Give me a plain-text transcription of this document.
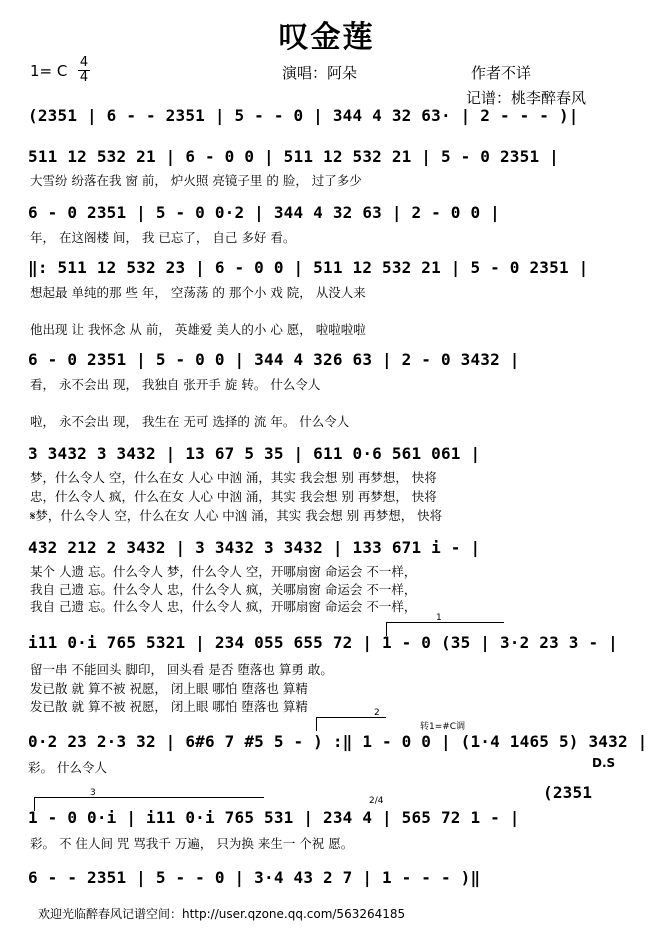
叹金莲
1= C 4
4	演唱：阿朵	作者不详
记谱：桃李醉春风
(2351 | 6 - - 2351 | 5 - - 0 | 344 4 32 63· | 2 - - - )|
511 12 532 21 | 6 - 0 0 | 511 12 532 21 | 5 - 0 2351 |
大雪纷 纷落在我 窗 前， 炉火照 亮镜子里 的 脸， 过了多少
6 - 0 2351 | 5 - 0 0·2 | 344 4 32 63 | 2 - 0 0 |
年， 在这阁楼 间， 我 已忘了， 自己 多好 看。
‖: 511 12 532 23 | 6 - 0 0 | 511 12 532 21 | 5 - 0 2351 |
想起最 单纯的那 些 年， 空荡荡 的 那个小 戏 院， 从没人来
他出现 让 我怀念 从 前， 英雄爱 美人的小 心 愿， 啦啦啦啦
6 - 0 2351 | 5 - 0 0 | 344 4 326 63 | 2 - 0 3432 |
看， 永不会出 现， 我独自 张开手 旋 转。 什么令人
啦， 永不会出 现， 我生在 无可 选择的 流 年。 什么令人
3 3432 3 3432 | 13 67 5 35 | 611 0·6 561 061 |
梦，什么令人 空，什么在女 人心 中汹 涌，其实 我会想 别 再梦想， 快将
忠，什么令人 疯，什么在女 人心 中汹 涌，其实 我会想 别 再梦想， 快将
𝄋梦，什么令人 空，什么在女 人心 中汹 涌，其实 我会想 别 再梦想， 快将
432 212 2 3432 | 3 3432 3 3432 | 133 671 i - |
某个 人遗 忘。什么令人 梦，什么令人 空，开哪扇窗 命运会 不一样，
我自 己遗 忘。什么令人 忠，什么令人 疯，关哪扇窗 命运会 不一样，
我自 己遗 忘。什么令人 忠，什么令人 疯，开哪扇窗 命运会 不一样，
1
i11 0·i 765 5321 | 234 055 655 72 | 1 - 0 (35 | 3·2 23 3 - |
留一串 不能回头 脚印， 回头看 是否 堕落也 算勇 敢。
发已散 就 算不被 祝愿， 闭上眼 哪怕 堕落也 算精
发已散 就 算不被 祝愿， 闭上眼 哪怕 堕落也 算精	2
转1=#C调
0·2 23 2·3 32 | 6#6 7 #5 5 - ) :‖ 1 - 0 0 | (1·4 1465 5) 3432 |
彩。 什么令人	D.S
(2351
3
2/4
1 - 0 0·i | i11 0·i 765 531 | 234 4 | 565 72 1 - |
彩。 不 住人间 咒 骂我千 万遍， 只为换 来生一 个祝 愿。
6 - - 2351 | 5 - - 0 | 3·4 43 2 7 | 1 - - - )‖
欢迎光临醉春风记谱空间：http://user.qzone.qq.com/563264185
